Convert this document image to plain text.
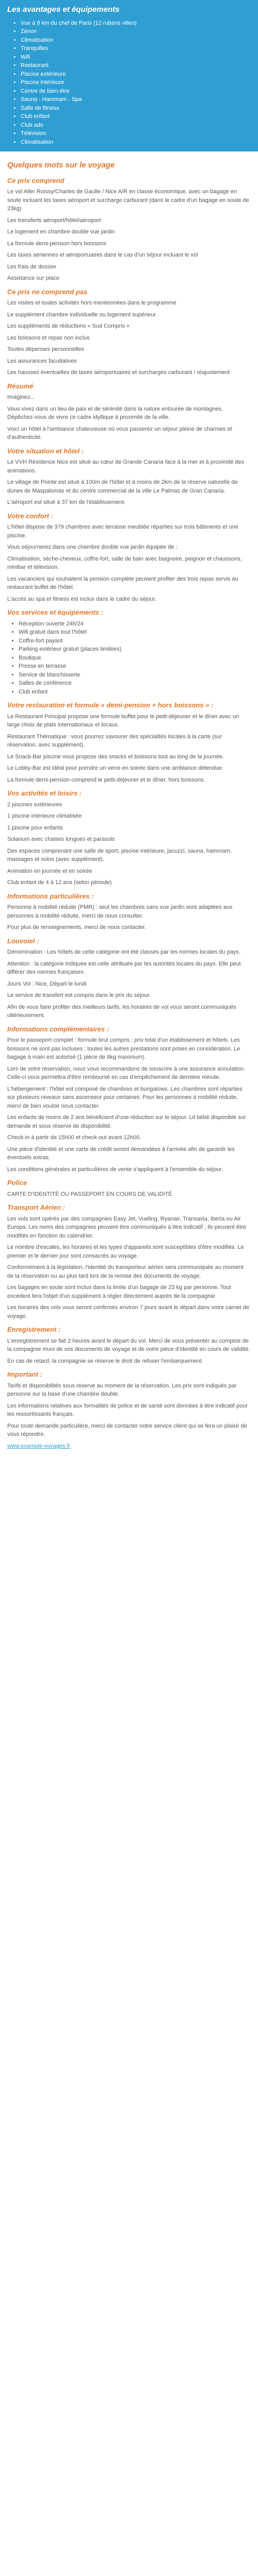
Les avantages et équipements
• Vue à 8 km du chef de Paris (12 rubans villes)
• Zénon
• Climatisation
• Tranquilles
• Wifi
• Restaurant
• Piscine extérieure
• Piscine intérieure
• Centre de bien-être
• Sauna - Hammam - Spa
• Salle de fitness
• Club enfant
• Club ado
• Télévision
• Climatisation
Quelques mots sur le voyage
Ce prix comprend

Le vol Aller Roissy/Charles de Gaulle / Nice A/R en classe économique, avec un bagage en soute incluant les taxes aéroport et surcharge carburant (dans le cadre d'un bagage en soute de 23kg)

Les transferts aéroport/hôtel/aéroport

Le logement en chambre double vue jardin

La formule demi-pension hors boissons

Les taxes aériennes et aéroportuaires dans le cas d'un séjour incluant le vol

Les frais de dossier

Assistance sur place

Ce prix ne comprend pas

Les visites et toutes activités hors mentionnées dans le programme

Le supplément chambre individuelle ou logement supérieur

Les suppléments de réductions « Sud Compris »

Les boissons et repas non inclus

Toutes dépenses personnelles

Les assurances facultatives

Les hausses éventuelles de taxes aéroportuaires et surcharges carburant / réajustement

Résumé

Imaginez...

Vous vivez dans un lieu de paix et de sérénité dans la nature entourée de montagnes. Dépêchez-vous de vivre ce cadre idyllique à proximité de la ville.

Voici un hôtel à l'ambiance chaleureuse où vous passerez un séjour pleine de charmes et d'authenticité.

Votre situation et hôtel :

Le VVH Résidence Nice est situé au cœur de Grande Canaria face à la mer et à proximité des animations.

Le village de Pointe est situé à 100m de l'hôtel et à moins de 2km de la réserve naturelle de dunes de Maspalomas et du centre commercial de la ville Le Palmas de Gran Canaria.

L'aéroport est situé à 37 km de l'établissement.

Votre confort :

L'hôtel dispose de 379 chambres avec terrasse meublée réparties sur trois bâtiments et une piscine.

Vous séjournerez dans une chambre double vue jardin équipée de :

Climatisation, sèche-cheveux, coffre-fort, salle de bain avec baignoire, peignoir et chaussons, minibar et télévision.

Les vacanciers qui souhaitent la pension complète peuvent profiter des trois repas servis au restaurant buffet de l'hôtel.

L'accès au spa et fitness est inclus dans le cadre du séjour.

Vos services et équipements :
• Réception ouverte 24h/24
• Wifi gratuit dans tout l'hôtel
• Coffre-fort payant
• Parking extérieur gratuit (places limitées)
• Boutique
• Presse en terrasse
• Service de blanchisserie
• Salles de conférence
• Club enfant
Votre restauration et formule « demi-pension + hors boissons » :

Le Restaurant Principal propose une formule buffet pour le petit-déjeuner et le dîner avec un large choix de plats internationaux et locaux.

Restaurant Thématique : vous pourrez savourer des spécialités locales à la carte (sur réservation, avec supplément).

Le Snack-Bar piscine vous propose des snacks et boissons tout au long de la journée.

Le Lobby-Bar est idéal pour prendre un verre en soirée dans une ambiance détendue.

La formule demi-pension comprend le petit-déjeuner et le dîner, hors boissons.

Vos activités et loisirs :

2 piscines extérieures

1 piscine intérieure climatisée

1 piscine pour enfants

Solarium avec chaises longues et parasols

Des espaces comprenant une salle de sport, piscine intérieure, jacuzzi, sauna, hammam, massages et soins (avec supplément).

Animation en journée et en soirée

Club enfant de 4 à 12 ans (selon période)

Informations particulières :

Personne à mobilité réduite (PMR) : seul les chambres sans vue jardin sont adaptées aux personnes à mobilité réduite, merci de nous consulter.

Pour plus de renseignements, merci de nous contacter.

Louvoiel :

Dénomination : Les hôtels de cette catégorie ont été classés par les normes locales du pays.

Attention : la catégorie indiquée est celle attribuée par les autorités locales du pays. Elle peut différer des normes françaises.

Jours Vol : Nice, Départ le lundi

Le service de transfert est compris dans le prix du séjour.

Afin de vous faire profiter des meilleurs tarifs, les horaires de vol vous seront communiqués ultérieurement.

Informations complémentaires :

Pour le passeport complet : formule brut compris ; prix total d'un établissement et hôtels. Les boissons ne sont pas incluses ; toutes les autres prestations sont prises en considération. Le bagage à main est autorisé (1 pièce de 8kg maximum).

Lors de votre réservation, nous vous recommandons de souscrire à une assurance annulation. Celle-ci vous permettra d'être remboursé en cas d'empêchement de dernière minute.

L'hébergement : l'hôtel est composé de chambres et bungalows. Les chambres sont réparties sur plusieurs niveaux sans ascenseur pour certaines. Pour les personnes à mobilité réduite, merci de bien vouloir nous contacter.

Les enfants de moins de 2 ans bénéficient d'une réduction sur le séjour. Lit bébé disponible sur demande et sous réserve de disponibilité.

Check-in à partir de 15h00 et check-out avant 12h00.

Une pièce d'identité et une carte de crédit seront demandées à l'arrivée afin de garantir les éventuels extras.

Les conditions générales et particulières de vente s'appliquent à l'ensemble du séjour.

Police

CARTE D'IDENTITÉ OU PASSEPORT EN COURS DE VALIDITÉ

Transport Aérien :

Les vols sont opérés par des compagnies Easy Jet, Vueling, Ryanair, Transavia, Iberia ou Air Europa. Les noms des compagnies peuvent être communiqués à titre indicatif ; ils peuvent être modifiés en fonction du calendrier.

Le nombre d'escales, les horaires et les types d'appareils sont susceptibles d'être modifiés. Le premier et le dernier jour sont consacrés au voyage.

Conformément à la législation, l'identité du transporteur aérien sera communiquée au moment de la réservation ou au plus tard lors de la remise des documents de voyage.

Les bagages en soute sont inclus dans la limite d'un bagage de 23 kg par personne. Tout excédent fera l'objet d'un supplément à régler directement auprès de la compagnie.

Les horaires des vols vous seront confirmés environ 7 jours avant le départ dans votre carnet de voyage.

Enregistrement :

L'enregistrement se fait 2 heures avant le départ du vol. Merci de vous présenter au comptoir de la compagnie muni de vos documents de voyage et de votre pièce d'identité en cours de validité.

En cas de retard, la compagnie se réserve le droit de refuser l'embarquement.

Important :

Tarifs et disponibilités sous réserve au moment de la réservation. Les prix sont indiqués par personne sur la base d'une chambre double.

Les informations relatives aux formalités de police et de santé sont données à titre indicatif pour les ressortissants français.

Pour toute demande particulière, merci de contacter notre service client qui se fera un plaisir de vous répondre.

www.example-voyages.fr
